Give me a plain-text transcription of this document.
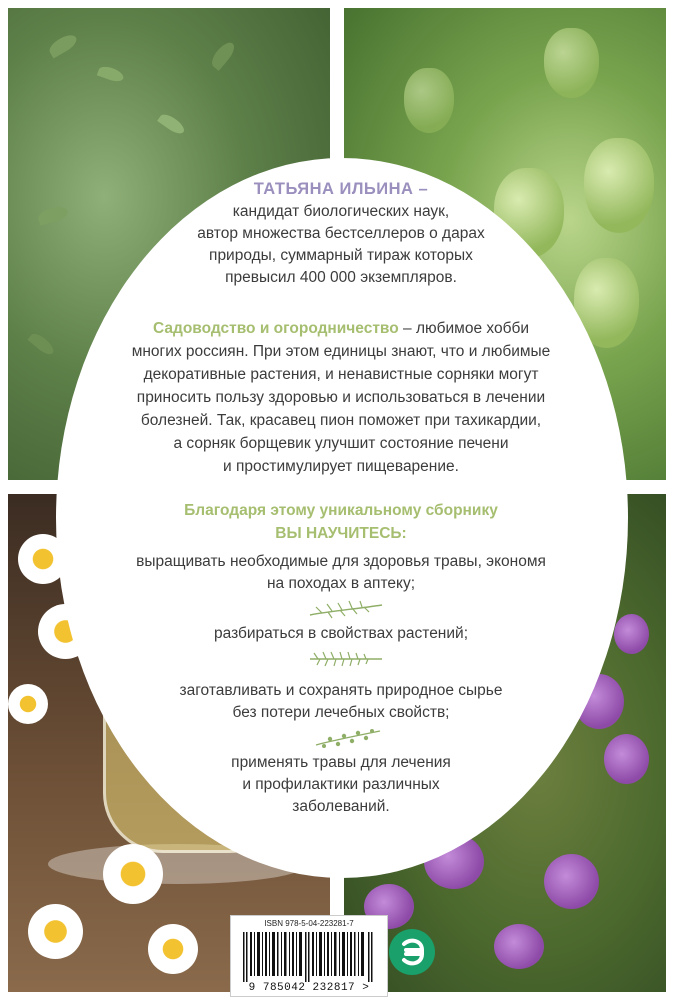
ТАТЬЯНА ИЛЬИНА –
кандидат биологических наук,
автор множества бестселлеров о дарах
природы, суммарный тираж которых
превысил 400 000 экземпляров.
Садоводство и огородничество – любимое хобби
многих россиян. При этом единицы знают, что и любимые
декоративные растения, и ненавистные сорняки могут
приносить пользу здоровью и использоваться в лечении
болезней. Так, красавец пион поможет при тахикардии,
а сорняк борщевик улучшит состояние печени
и простимулирует пищеварение.
Благодаря этому уникальному сборнику
ВЫ НАУЧИТЕСЬ:
выращивать необходимые для здоровья травы, экономя
на походах в аптеку;
разбираться в свойствах растений;
заготавливать и сохранять природное сырье
без потери лечебных свойств;
применять травы для лечения
и профилактики различных
заболеваний.
ISBN 978-5-04-223281-7
9 785042 232817 >
